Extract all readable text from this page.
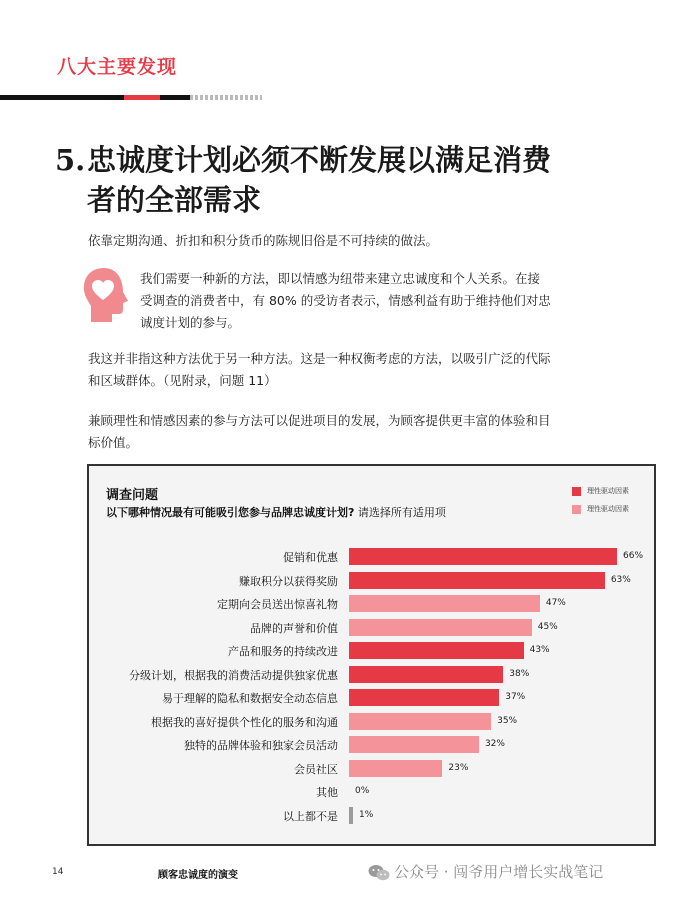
八大主要发现
5.忠诚度计划必须不断发展以满足消费
者的全部需求
依靠定期沟通、折扣和积分货币的陈规旧俗是不可持续的做法。
我们需要一种新的方法，即以情感为纽带来建立忠诚度和个人关系。在接
受调查的消费者中，有 80% 的受访者表示，情感利益有助于维持他们对忠
诚度计划的参与。
我这并非指这种方法优于另一种方法。这是一种权衡考虑的方法，以吸引广泛的代际
和区域群体。（见附录，问题 11）
兼顾理性和情感因素的参与方法可以促进项目的发展，为顾客提供更丰富的体验和目
标价值。
调查问题
以下哪种情况最有可能吸引您参与品牌忠诚度计划? 请选择所有适用项
理性驱动因素
理性驱动因素
促销和优惠	66%
赚取积分以获得奖励	63%
定期向会员送出惊喜礼物	47%
品牌的声誉和价值	45%
产品和服务的持续改进	43%
分级计划，根据我的消费活动提供独家优惠	38%
易于理解的隐私和数据安全动态信息	37%
根据我的喜好提供个性化的服务和沟通	35%
独特的品牌体验和独家会员活动	32%
会员社区	23%
其他 0%
以上都不是 1%
14	顾客忠诚度的演变	公众号 · 闯爷用户增长实战笔记
